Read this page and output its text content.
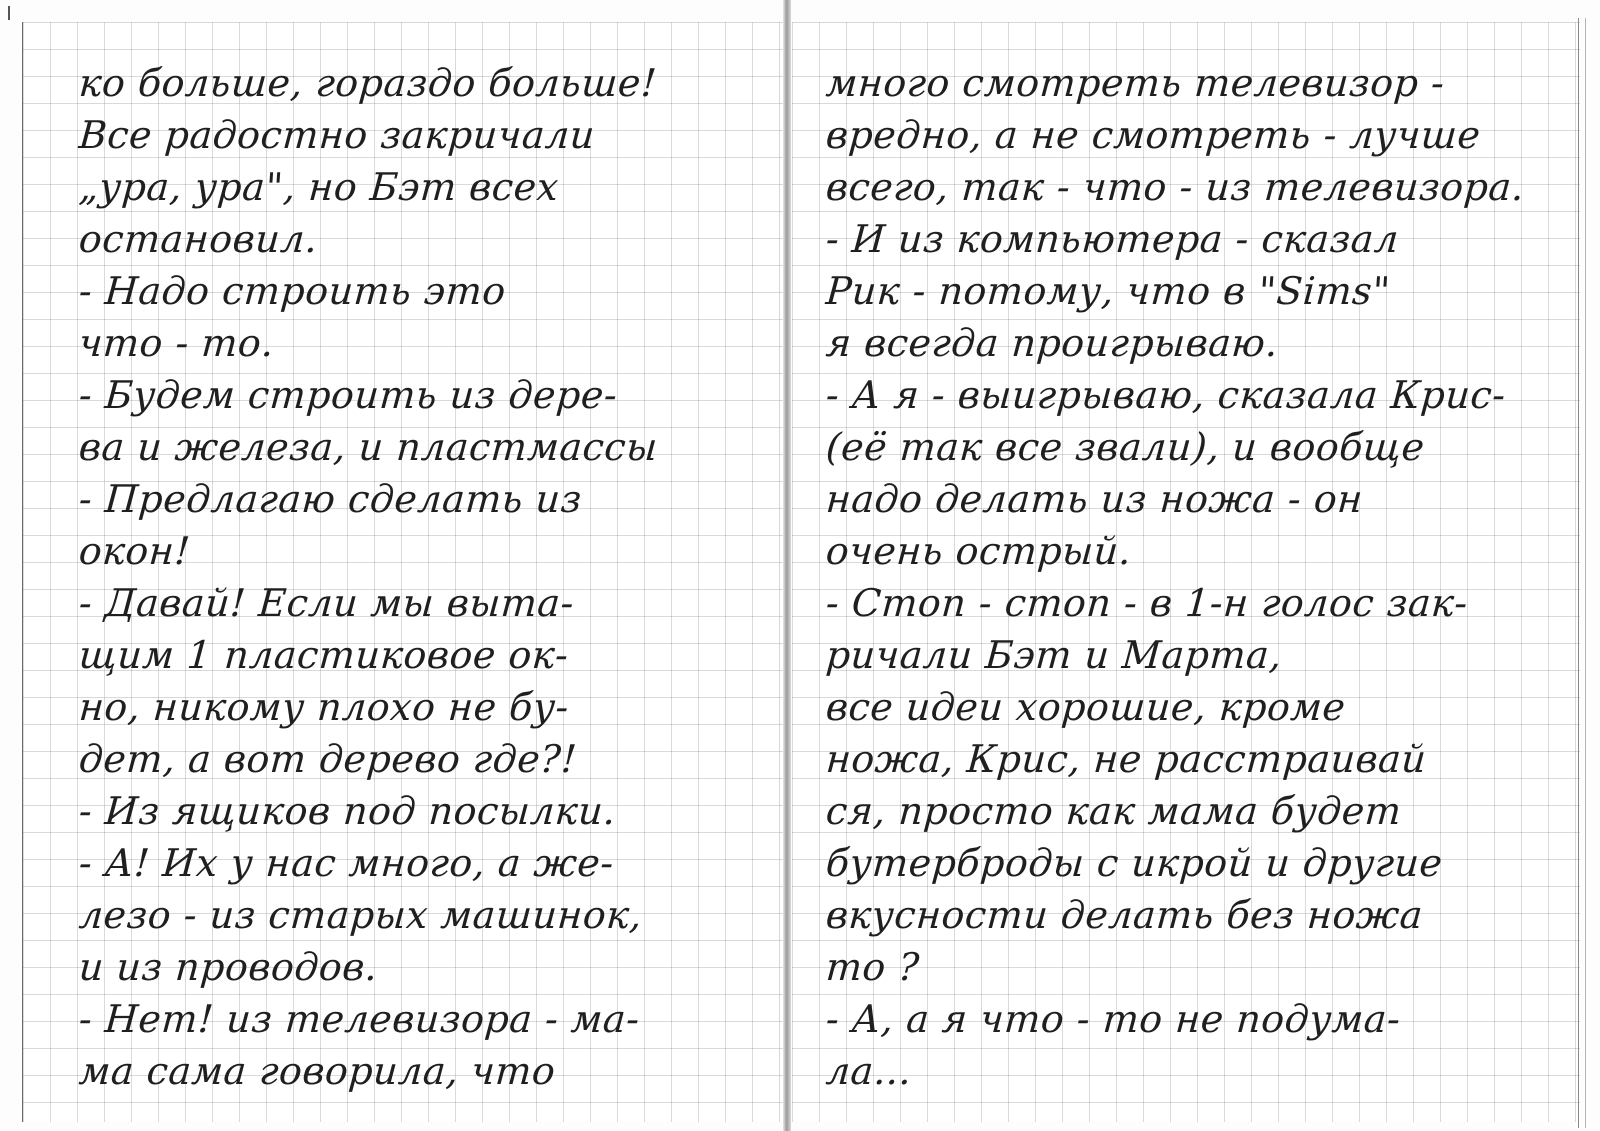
ко больше, гораздо больше!
Все радостно закричали
„ура, ура", но Бэт всех
остановил.
- Надо строить это
что - то.
- Будем строить из дере-
ва и железа, и пластмассы
- Предлагаю сделать из
окон!
- Давай! Если мы выта-
щим 1 пластиковое ок-
но, никому плохо не бу-
дет, а вот дерево где?!
- Из ящиков под посылки.
- А! Их у нас много, а же-
лезо - из старых машинок,
и из проводов.
- Нет! из телевизора - ма-
ма сама говорила, что
много смотреть телевизор -
вредно, а не смотреть - лучше
всего, так - что - из телевизора.
- И из компьютера - сказал
Рик - потому, что в "Sims"
я всегда проигрываю.
- А я - выигрываю, сказала Крис-
(её так все звали), и вообще
надо делать из ножа - он
очень острый.
- Стоп - стоп - в 1-н голос зак-
ричали Бэт и Марта,
все идеи хорошие, кроме
ножа, Крис, не расстраивай
ся, просто как мама будет
бутерброды с икрой и другие
вкусности делать без ножа
то ?
- А, а я что - то не подума-
ла...
